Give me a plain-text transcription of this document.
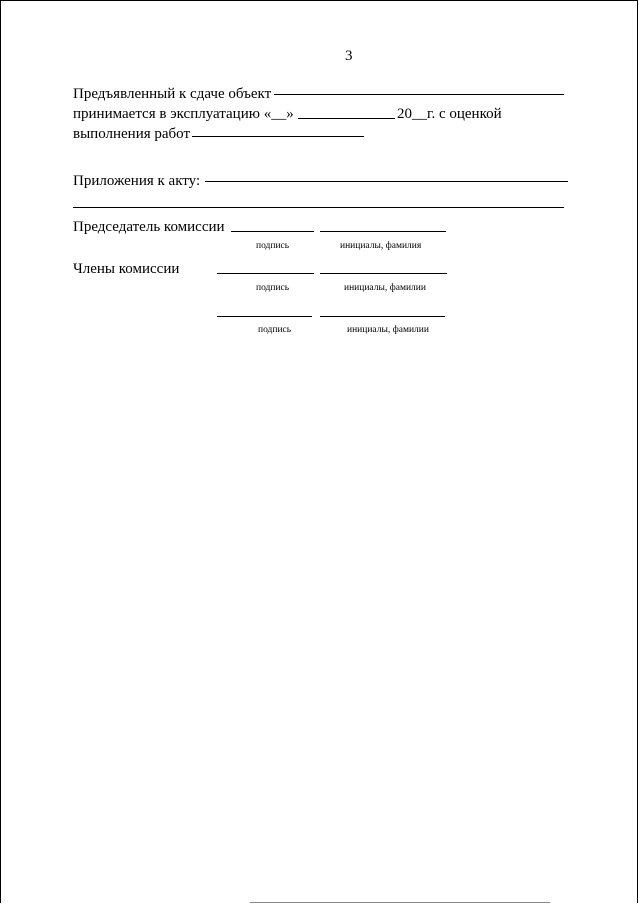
3
Предъявленный к сдаче объект
принимается в эксплуатацию «__»	20__г. с оценкой
выполнения работ
Приложения к акту:
Председатель комиссии
подпись	инициалы, фамилия
Члены комиссии
подпись	инициалы, фамилии
подпись	инициалы, фамилии
